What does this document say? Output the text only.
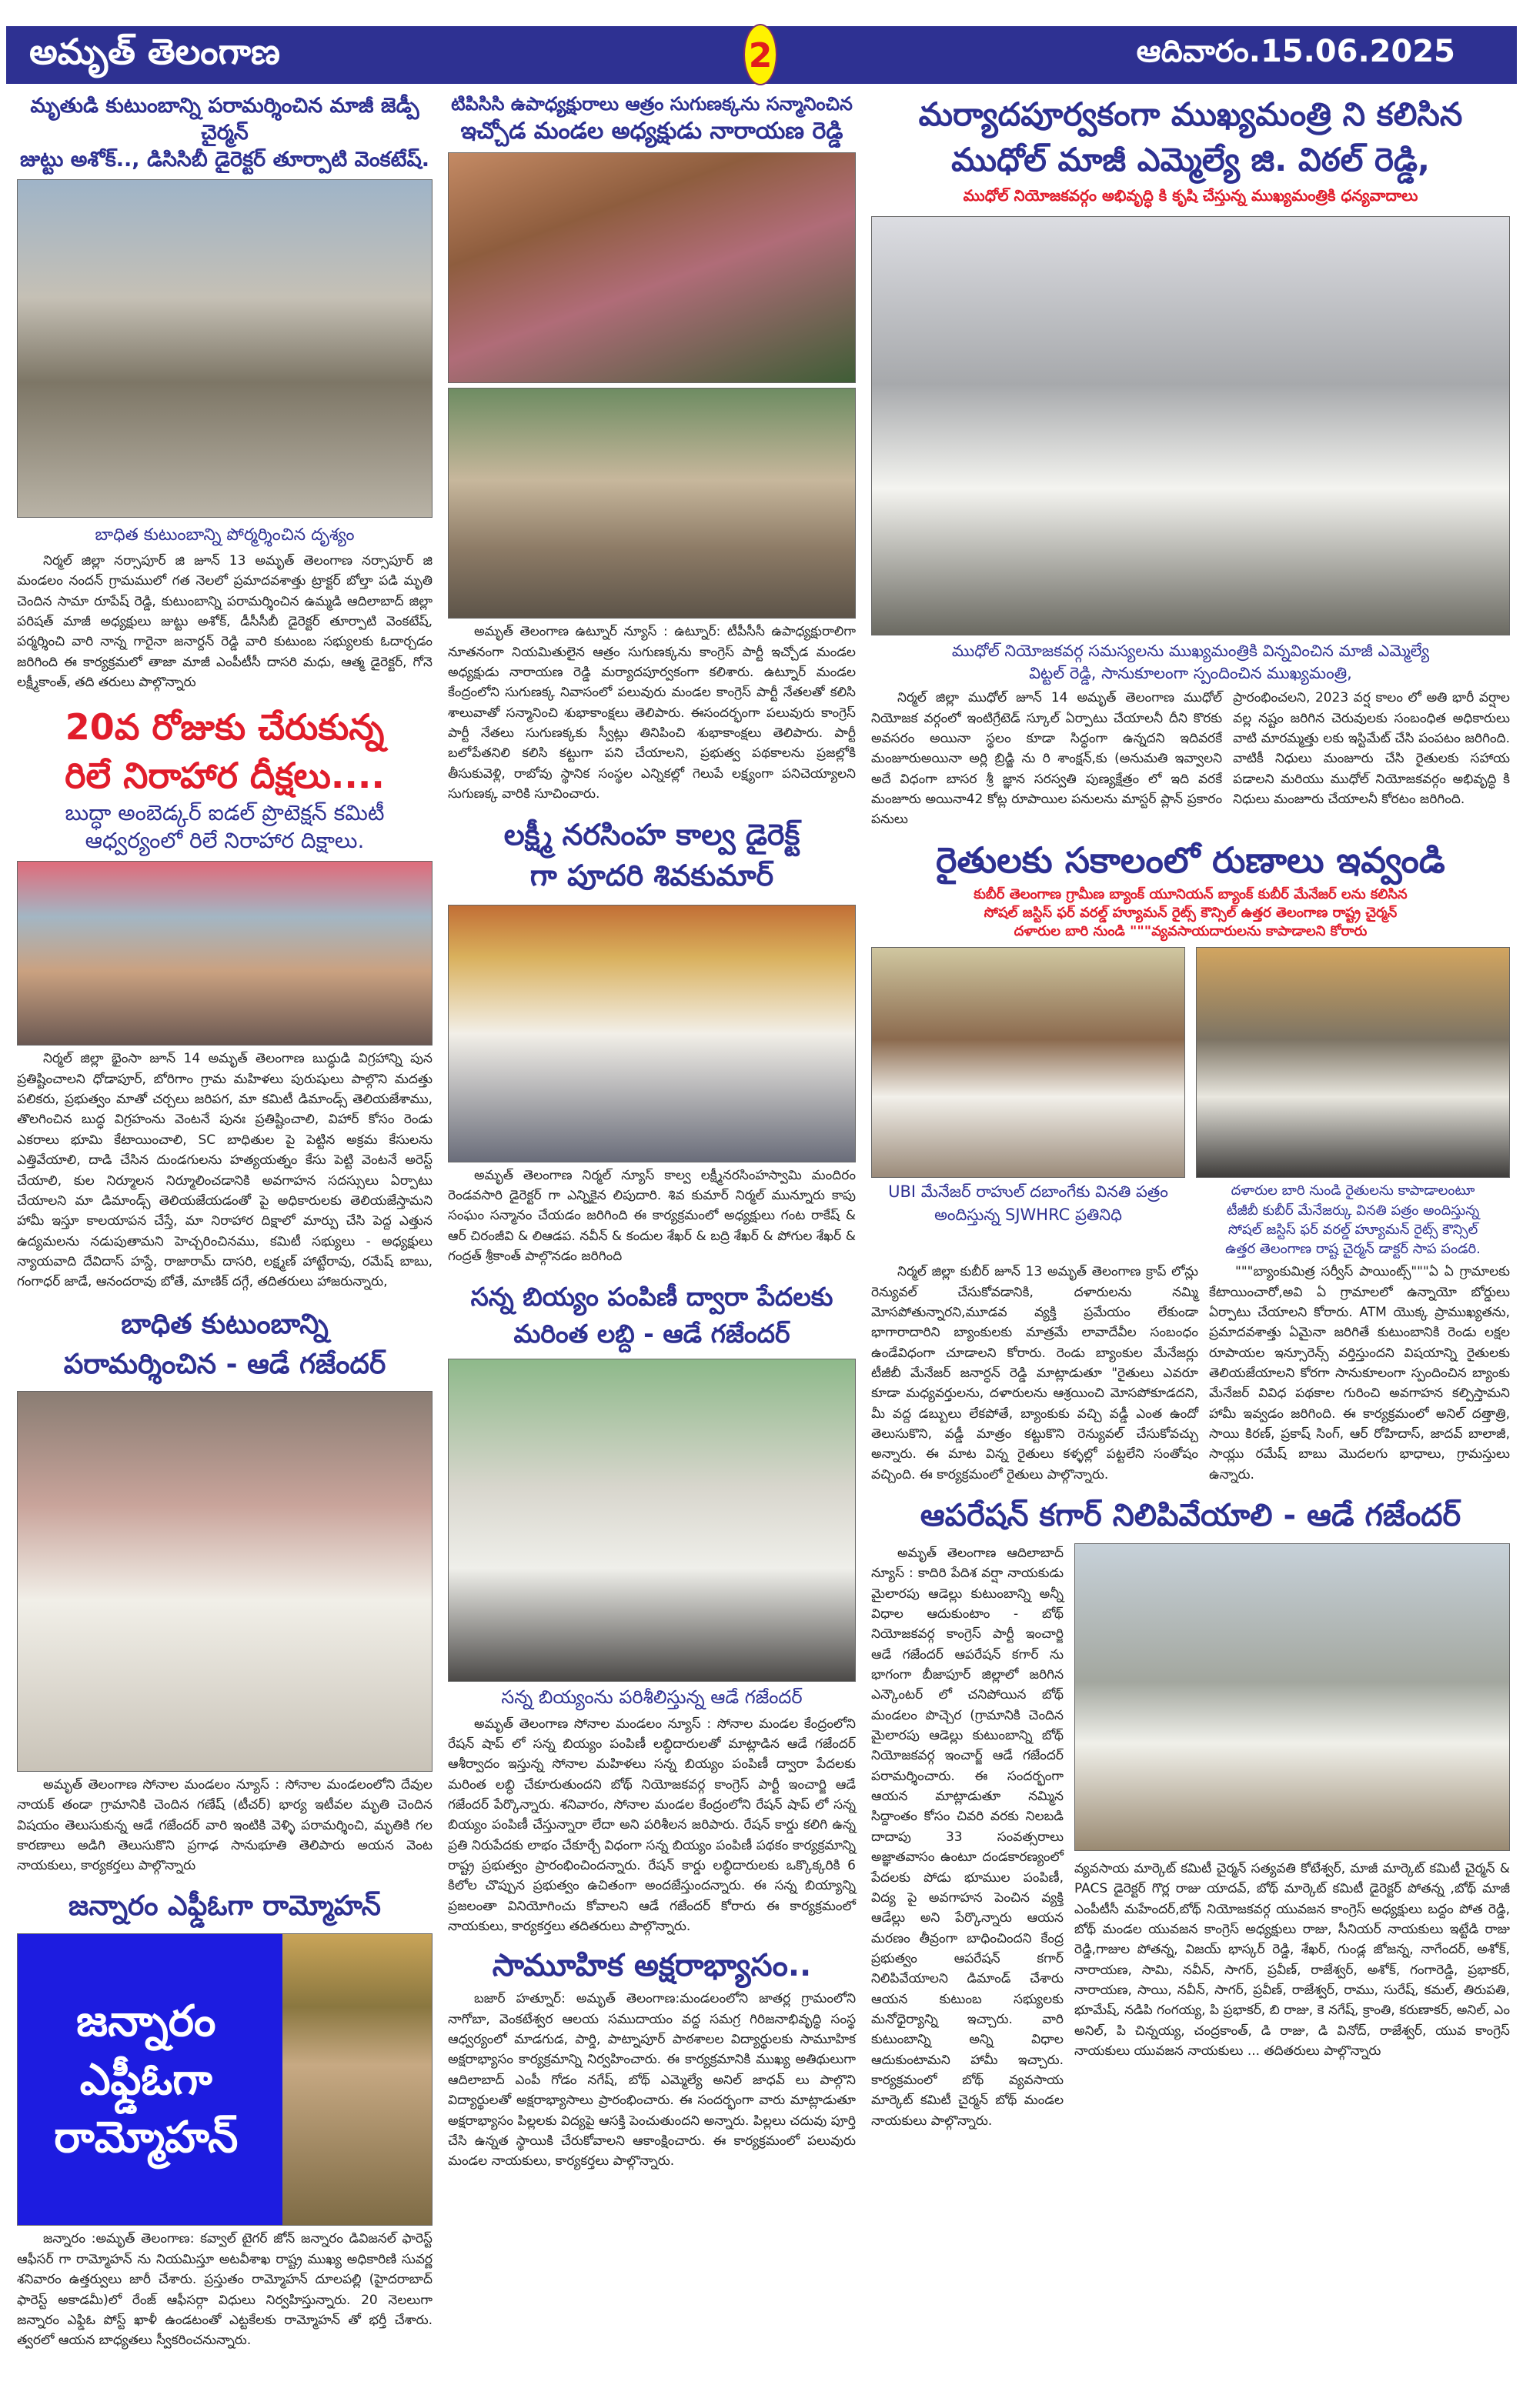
అమృత్ తెలంగాణ	2	ఆదివారం.15.06.2025
మృతుడి కుటుంబాన్ని పరామర్శించిన మాజీ జెడ్పీ చైర్మన్
జుట్టు అశోక్.., డిసిసిబీ డైరెక్టర్ తూర్పాటి వెంకటేష్.
బాధిత కుటుంబాన్ని పోర్మర్శించిన దృశ్యం

నిర్మల్ జిల్లా నర్సాపూర్ జి జూన్ 13 అమృత్ తెలంగాణ నర్సాపూర్ జి మండలం నందన్ గ్రామములో గత నెలలో ప్రమాదవశాత్తు ట్రాక్టర్ బోల్తా పడి మృతి చెందిన సామా రూపేష్ రెడ్డి, కుటుంబాన్ని పరామర్శించిన ఉమ్మడి ఆదిలాబాద్ జిల్లా పరిషత్ మాజీ అధ్యక్షులు జుట్టు అశోక్, డీసీసీబీ డైరెక్టర్ తూర్పాటి వెంకటేష్, పర్మర్శించి వారి నాన్న గారైనా జనార్దన్ రెడ్డి వారి కుటుంబ సభ్యులకు ఓదార్చడం జరిగింది ఈ కార్యక్రమలో తాజా మాజీ ఎంపీటీసీ దాసరి మధు, ఆత్మ డైరెక్టర్, గోనె లక్ష్మీకాంత్, తది తరులు పాల్గొన్నారు

20వ రోజుకు చేరుకున్న
రిలే నిరాహార దీక్షలు....
బుద్ధా అంబెడ్కర్ ఐడల్ ప్రొటెక్షన్ కమిటీ
ఆధ్వర్యంలో రిలే నిరాహార దిక్షాలు.

నిర్మల్ జిల్లా భైంసా జూన్ 14 అమృత్ తెలంగాణ బుద్ధుడి విగ్రహాన్ని పున ప్రతిష్టించాలని ధోడాపూర్, బోరిగాం గ్రామ మహిళలు పురుషులు పాల్గొని మదత్తు పలికరు, ప్రభుత్వం మాతో చర్చలు జరిపగ, మా కమిటీ డిమాండ్స్ తెలియజేశాము, తొలగించిన బుద్ధ విగ్రహంను వెంటనే పునః ప్రతిష్టించాలి, విహార్ కోసం రెండు ఎకరాలు భూమి కేటాయించాలి, SC బాధితుల పై పెట్టిన అక్రమ కేసులను ఎత్తివేయాలి, దాడి చేసిన దుండగులను హత్యయత్నం కేసు పెట్టి వెంటనే అరెస్ట్ చేయాలి, కుల నిర్మూలన నిర్మూలించడానికి అవగాహన సదస్సులు ఏర్పాటు చేయాలని మా డిమాండ్స్ తెలియజేయడంతో పై అధికారులకు తెలియజేస్తామని హామీ ఇస్తూ కాలయాపన చేస్తే, మా నిరాహార దిక్షాలో మార్పు చేసి పెద్ద ఎత్తున ఉద్యమలను నడుపుతామని హెచ్చరించినము, కమిటీ సభ్యులు - అధ్యక్షులు న్యాయవాది దేవిదాస్ హస్డే, రాజారామ్ దాసరి, లక్ష్మణ్ హాట్టేరావు, రమేష్ బాబు, గంగాధర్ జాడే, ఆనందరావు బోతే, మాణిక్ దగ్గే, తదితరులు హాజరున్నారు,

బాధిత కుటుంబాన్ని
పరామర్శించిన - ఆడే గజేందర్

అమృత్ తెలంగాణ సోనాల మండలం న్యూస్ : సోనాల మండలంలోని దేవుల నాయక్ తండా గ్రామానికి చెందిన గణేష్ (టీచర్) భార్య ఇటీవల మృతి చెందిన విషయం తెలుసుకున్న ఆడే గజేందర్ వారి ఇంటికి వెళ్ళి పరామర్శించి, మృతికి గల కారణాలు అడిగి తెలుసుకొని ప్రగాఢ సానుభూతి తెలిపారు అయన వెంట నాయకులు, కార్యకర్తలు పాల్గొన్నారు

జన్నారం ఎఫ్డీఓగా రామ్మోహన్
జన్నారం
ఎఫ్డీఓగా
రామ్మోహన్

జన్నారం :అమృత్ తెలంగాణ: కవ్వాల్ టైగర్ జోన్ జన్నారం డివిజనల్ ఫారెస్ట్ ఆఫీసర్ గా రామ్మోహన్ ను నియమిస్తూ అటవీశాఖ రాష్ట్ర ముఖ్య అధికారిణి సువర్ణ శనివారం ఉత్తర్వులు జారీ చేశారు. ప్రస్తుతం రామ్మోహన్ దూలపల్లి (హైదరాబాద్ ఫారెస్ట్ అకాడమీ)లో రేంజ్ ఆఫీసర్గా విధులు నిర్వహిస్తున్నారు. 20 నెలలుగా జన్నారం ఎఫ్డిఓ పోస్ట్ ఖాళీ ఉండటంతో ఎట్టకేలకు రామ్మోహన్ తో భర్తీ చేశారు. త్వరలో ఆయన బాధ్యతలు స్వీకరించనున్నారు.

టిపిసిసి ఉపాధ్యక్షురాలు ఆత్రం సుగుణక్కను సన్మానించిన
ఇచ్చోడ మండల అధ్యక్షుడు నారాయణ రెడ్డి

అమృత్ తెలంగాణ ఉట్నూర్ న్యూస్ : ఉట్నూర్: టీపీసీసీ ఉపాధ్యక్షురాలిగా నూతనంగా నియమితులైన ఆత్రం సుగుణక్కను కాంగ్రెస్ పార్టీ ఇచ్చోడ మండల అధ్యక్షుడు నారాయణ రెడ్డి మర్యాదపూర్వకంగా కలిశారు. ఉట్నూర్ మండల కేంద్రంలోని సుగుణక్క నివాసంలో పలువురు మండల కాంగ్రెస్ పార్టీ నేతలతో కలిసి శాలువాతో సన్మానించి శుభాకాంక్షలు తెలిపారు. ఈసందర్భంగా పలువురు కాంగ్రెస్ పార్టీ నేతలు సుగుణక్కకు స్వీట్లు తినిపించి శుభాకాంక్షలు తెలిపారు. పార్టీ బలోపేతనిలి కలిసి కట్టుగా పని చేయాలని, ప్రభుత్వ పథకాలను ప్రజల్లోకి తీసుకువెళ్లి, రాబోవు స్థానిక సంస్థల ఎన్నికల్లో గెలుపే లక్ష్యంగా పనిచెయ్యాలని సుగుణక్క వారికి సూచించారు.

లక్ష్మీ నరసింహ కాల్వ డైరెక్ట్
గా పూదరి శివకుమార్

అమృత్ తెలంగాణ నిర్మల్ న్యూస్ కాల్వ లక్ష్మీనరసింహస్వామి మందిరం రెండవసారి డైరెక్టర్ గా ఎన్నికైన లిపుదారి. శివ కుమార్ నిర్మల్ మున్నూరు కాపు సంఘం సన్మానం చేయడం జరిగింది ఈ కార్యక్రమంలో అధ్యక్షులు గంట రాకేష్ & ఆర్ చిరంజీవి & లిఆడప. నవీన్ & కందుల శేఖర్ & బద్రి శేఖర్ & పోగుల శేఖర్ & గంద్రత్ శ్రీకాంత్ పాల్గొనడం జరిగింది

సన్న బియ్యం పంపిణీ ద్వారా పేదలకు
మరింత లబ్ది - ఆడే గజేందర్
సన్న బియ్యంను పరిశీలిస్తున్న ఆడే గజేందర్

అమృత్ తెలంగాణ సోనాల మండలం న్యూస్ : సోనాల మండల కేంద్రంలోని రేషన్ షాప్ లో సన్న బియ్యం పంపిణీ లబ్ధిదారులతో మాట్లాడిన ఆడే గజేందర్ ఆశీర్వాదం ఇస్తున్న సోనాల మహిళలు సన్న బియ్యం పంపిణీ ద్వారా పేదలకు మరింత లబ్ధి చేకూరుతుందని బోథ్ నియోజకవర్గ కాంగ్రెస్ పార్టీ ఇంచార్జి ఆడే గజేందర్ పేర్కొన్నారు. శనివారం, సోనాల మండల కేంద్రంలోని రేషన్ షాప్ లో సన్న బియ్యం పంపిణీ చేస్తున్నారా లేదా అని పరిశీలన జరిపారు. రేషన్ కార్డు కలిగి ఉన్న ప్రతి నిరుపేదకు లాభం చేకూర్చే విధంగా సన్న బియ్యం పంపిణీ పథకం కార్యక్రమాన్ని రాష్ట్ర ప్రభుత్వం ప్రారంభించిందన్నారు. రేషన్ కార్డు లబ్ధిదారులకు ఒక్కొక్కరికి 6 కిలోల చొప్పున ప్రభుత్వం ఉచితంగా అందజేస్తుందన్నారు. ఈ సన్న బియ్యాన్ని ప్రజలంతా వినియోగించు కోవాలని ఆడే గజేందర్ కోరారు ఈ కార్యక్రమంలో నాయకులు, కార్యకర్తలు తదితరులు పాల్గొన్నారు.

సామూహిక అక్షరాభ్యాసం..

బజార్ హత్నూర్: అమృత్ తెలంగాణ:మండలంలోని జాతర్ల గ్రామంలోని నాగోబా, వెంకటేశ్వర ఆలయ సముదాయం వద్ద సమగ్ర గిరిజనాభివృద్ధి సంస్థ ఆధ్వర్యంలో మాడగుడ, పార్డి, పాట్నాపూర్ పాఠశాలల విద్యార్థులకు సామూహిక అక్షరాభ్యాసం కార్యక్రమాన్ని నిర్వహించారు. ఈ కార్యక్రమానికి ముఖ్య అతిథులుగా ఆదిలాబాద్ ఎంపీ గోడం నగేష్, బోథ్ ఎమ్మెల్యే అనిల్ జాధవ్ లు పాల్గొని విద్యార్థులతో అక్షరాభ్యాసాలు ప్రారంభించారు. ఈ సందర్భంగా వారు మాట్లాడుతూ అక్షరాభ్యాసం పిల్లలకు విద్యపై ఆసక్తి పెంచుతుందని అన్నారు. పిల్లలు చదువు పూర్తి చేసి ఉన్నత స్థాయికి చేరుకోవాలని ఆకాంక్షించారు. ఈ కార్యక్రమంలో పలువురు మండల నాయకులు, కార్యకర్తలు పాల్గొన్నారు.

మర్యాదపూర్వకంగా ముఖ్యమంత్రి ని కలిసిన
ముధోల్ మాజీ ఎమ్మెల్యే జి. విఠల్ రెడ్డి,
ముధోల్ నియోజకవర్గం అభివృద్ధి కి కృషి చేస్తున్న ముఖ్యమంత్రికి ధన్యవాదాలు
ముధోల్ నియోజకవర్గ సమస్యలను ముఖ్యమంత్రికి విన్నవించిన మాజీ ఎమ్మెల్యే
విట్టల్ రెడ్డి, సానుకూలంగా స్పందించిన ముఖ్యమంత్రి,

నిర్మల్ జిల్లా ముధోల్ జూన్ 14 అమృత్ తెలంగాణ ముధోల్ నియోజక వర్గంలో ఇంటిగ్రేటెడ్ స్కూల్ ఏర్పాటు చేయాలనీ దీని కొరకు అవసరం అయినా స్థలం కూడా సిద్ధంగా ఉన్నదని ఇదివరకే మంజూరుఅయినా అర్లి బ్రిడ్జి ను రి శాంక్షన్,కు (అనుమతి ఇవ్వాలని అదే విధంగా బాసర శ్రీ జ్ఞాన సరస్వతి పుణ్యక్షేత్రం లో ఇది వరకే మంజూరు అయినా42 కోట్ల రూపాయిల పనులను మాస్టర్ ప్లాన్ ప్రకారం పనులు

ప్రారంభించలని, 2023 వర్ష కాలం లో అతి భారీ వర్షాల వల్ల నష్టం జరిగిన చెరువులకు సంబంధిత అధికారులు వాటి మారమ్మత్తు లకు ఇస్టిమేట్ చేసి పంపటం జరిగింది. వాటికీ నిధులు మంజూరు చేసి రైతులకు సహాయ పడాలని మరియు ముధోల్ నియోజకవర్గం అభివృద్ధి కి నిధులు మంజూరు చేయాలనీ కోరటం జరిగింది.

రైతులకు సకాలంలో రుణాలు ఇవ్వండి
కుబీర్ తెలంగాణ గ్రామీణ బ్యాంక్ యూనియన్ బ్యాంక్ కుబీర్ మేనేజర్ లను కలిసిన
సోషల్ జస్టిస్ ఫర్ వరల్డ్ హ్యూమన్ రైట్స్ కౌన్సిల్ ఉత్తర తెలంగాణ రాష్ట్ర చైర్మన్
దళారుల బారి నుండి """వ్యవసాయదారులను కాపాడాలని కోరారు
UBI మేనేజర్ రాహుల్ దబాంగేకు వినతి పత్రం
అందిస్తున్న SJWHRC ప్రతినిధి
దళారుల బారి నుండి రైతులను కాపాడాలంటూ
టీజీబీ కుబీర్ మేనేజర్కు వినతి పత్రం అందిస్తున్న
సోషల్ జస్టిస్ ఫర్ వరల్డ్ హ్యూమన్ రైట్స్ కౌన్సిల్
ఉత్తర తెలంగాణ రాష్ట చైర్మన్ డాక్టర్ సాప పండరి.

నిర్మల్ జిల్లా కుబీర్ జూన్ 13 అమృత్ తెలంగాణ క్రాప్ లోన్లు రెన్యువల్ చేసుకోవడానికి, దళారులను నమ్మి మోసపోతున్నారని,మూడవ వ్యక్తి ప్రమేయం లేకుండా భాగారాదారిని బ్యాంకులకు మాత్రమే లావాదేవీల సంబంధం ఉండేవిధంగా చూడాలని కోరారు. రెండు బ్యాంకుల మేనేజర్లు టీజీబీ మేనేజర్ జనార్ధన్ రెడ్డి మాట్లాడుతూ "రైతులు ఎవరూ కూడా మధ్యవర్తులను, దళారులను ఆశ్రయించి మోసపోకూడదని, మీ వద్ద డబ్బులు లేకపోతే, బ్యాంకుకు వచ్చి వడ్డీ ఎంత ఉందో తెలుసుకొని, వడ్డీ మాత్రం కట్టుకొని రెన్యువల్ చేసుకోవచ్చు అన్నారు. ఈ మాట విన్న రైతులు కళ్ళల్లో పట్టలేని సంతోషం వచ్చింది. ఈ కార్యక్రమంలో రైతులు పాల్గొన్నారు.

"""బ్యాంకుమిత్ర సర్వీస్ పాయింట్స్"""ఏ ఏ గ్రామాలకు కేటాయించారో,అవి ఏ గ్రామాలలో ఉన్నాయో బోర్డులు ఏర్పాటు చేయాలని కోరారు. ATM యొక్క ప్రాముఖ్యతను, ప్రమాదవశాత్తు ఏమైనా జరిగితే కుటుంబానికి రెండు లక్షల రూపాయల ఇన్సూరెన్స్ వర్తిస్తుందని విషయాన్ని రైతులకు తెలియజేయాలని కోరగా సానుకూలంగా స్పందించిన బ్యాంకు మేనేజర్ వివిధ పథకాల గురించి అవగాహన కల్పిస్తామని హామీ ఇవ్వడం జరిగింది. ఈ కార్యక్రమంలో అనిల్ దత్తాత్రి, సాయి కిరణ్, ప్రకాష్ సింగ్, ఆర్ రోహిదాస్, జాదవ్ బాలాజీ, సాయ్లు రమేష్ బాబు మొదలగు భాధాలు, గ్రామస్తులు ఉన్నారు.

ఆపరేషన్ కగార్ నిలిపివేయాలి - ఆడే గజేందర్

అమృత్ తెలంగాణ ఆదిలాబాద్ న్యూస్ : కాదిరి పేదిశ వర్షా నాయకుడు మైలారపు ఆడెల్లు కుటుంబాన్ని అన్నీ విధాల ఆదుకుంటాం - బోథ్ నియోజకవర్గ కాంగ్రెస్ పార్టీ ఇంచార్జి ఆడే గజేందర్ ఆపరేషన్ కగార్ ను భాగంగా బీజాపూర్ జిల్లాలో జరిగిన ఎన్కౌంటర్ లో చనిపోయిన బోథ్ మండలం పొచ్చెర (గ్రామానికి చెందిన మైలారపు ఆడెల్లు కుటుంబాన్ని బోథ్ నియోజకవర్గ ఇంచార్జ్ ఆడే గజేందర్ పరామర్శించారు. ఈ సందర్భంగా ఆయన మాట్లాడుతూ నమ్మిన సిద్దాంతం కోసం చివరి వరకు నిలబడి దాదాపు 33 సంవత్సరాలు అజ్ఞాతవాసం ఉంటూ దండకారణ్యంలో పేదలకు పోడు భూముల పంపిణీ, విద్య పై అవగాహన పెంచిన వ్యక్తి ఆడేల్లు అని పేర్కొన్నారు ఆయన మరణం తీవ్రంగా బాధించిందని కేంద్ర ప్రభుత్వం ఆపరేషన్ కగార్ నిలిపివేయాలని డిమాండ్ చేశారు ఆయన కుటుంబ సభ్యులకు మనోధైర్యాన్ని ఇచ్చారు. వారి కుటుంబాన్ని అన్ని విధాల ఆదుకుంటామని హామీ ఇచ్చారు. కార్యక్రమంలో బోథ్ వ్యవసాయ మార్కెట్ కమిటీ చైర్మన్ బోథ్ మండల నాయకులు పాల్గొన్నారు.

వ్యవసాయ మార్కెట్ కమిటీ చైర్మన్ సత్యవతి కోటేశ్వర్, మాజీ మార్కెట్ కమిటీ చైర్మన్ & PACS డైరెక్టర్ గొర్ల రాజు యాదవ్, బోథ్ మార్కెట్ కమిటీ డైరెక్టర్ పోతన్న ,బోథ్ మాజీ ఎంపీటీసీ మహేందర్,బోథ్ నియోజకవర్గ యువజన కాంగ్రెస్ అధ్యక్షులు బద్దం పోత రెడ్డి, బోథ్ మండల యువజన కాంగ్రెస్ అధ్యక్షులు రాజు, సీనియర్ నాయకులు ఇట్టేడి రాజు రెడ్డి,గాజుల పోతన్న, విజయ్ భాస్కర్ రెడ్డి, శేఖర్, గుండ్ల జోజన్న, నాగేందర్, అశోక్, నారాయణ, సామి, నవీన్, సాగర్, ప్రవీణ్, రాజేశ్వర్, అశోక్, గంగారెడ్డి, ప్రభాకర్, నారాయణ, సాయి, నవీన్, సాగర్, ప్రవీణ్, రాజేశ్వర్, రాము, సురేష్, కమల్, తిరుపతి, భూమేష్, నడిపి గంగయ్య, పి ప్రభాకర్, బి రాజు, కె నగేష్, క్రాంతి, కరుణాకర్, అనిల్, ఎం అనిల్, పి చిన్నయ్య, చంద్రకాంత్, డి రాజు, డి వినోద్, రాజేశ్వర్, యువ కాంగ్రెస్ నాయకులు యువజన నాయకులు ... తదితరులు పాల్గొన్నారు
